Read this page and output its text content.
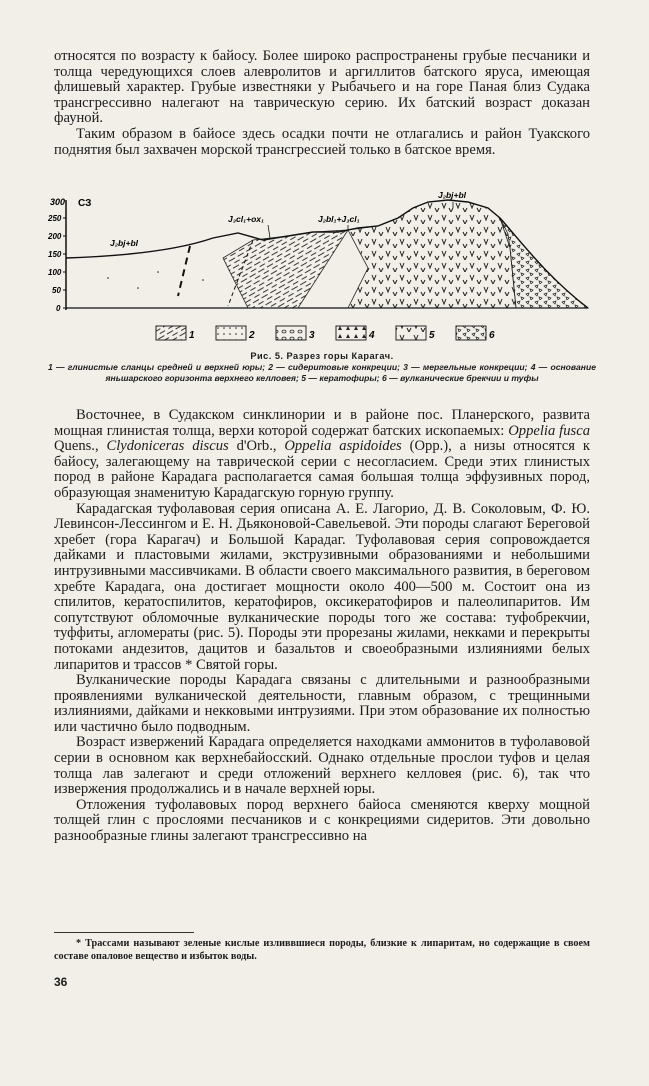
относятся по возрасту к байосу. Более широко распространены грубые песчаники и толща чередующихся слоев алевролитов и аргиллитов батского яруса, имеющая флишевый характер. Грубые известняки у Рыбачьего и на горе Паная близ Судака трансгрессивно налегают на таврическую серию. Их батский возраст доказан фауной.

Таким образом в байосе здесь осадки почти не отлагались и район Туакского поднятия был захвачен морской трансгрессией только в батское время.

300 СЗ
250
200
150
100
50
0
J₂bj+bl
J₃cl₁+ox₁	J₂bl₁+J₃cl₁
J₂bj+bl
1	2	3	4	5	6
Рис. 5. Разрез горы Карагач.
1 — глинистые сланцы средней и верхней юры; 2 — сидеритовые конкреции; 3 — мергельные конкреции; 4 — основание яньшарского горизонта верхнего келловея; 5 — кератофиры; 6 — вулканические брекчии и туфы

Восточнее, в Судакском синклинории и в районе пос. Планерского, развита мощная глинистая толща, верхи которой содержат батских ископаемых: Oppelia fusca Quens., Clydoniceras discus d'Orb., Oppelia aspidoides (Opp.), а низы относятся к байосу, залегающему на таврической серии с несогласием. Среди этих глинистых пород в районе Карадага располагается самая большая толща эффузивных пород, образующая знаменитую Карадагскую горную группу.

Карадагская туфолавовая серия описана А. Е. Лагорио, Д. В. Соколовым, Ф. Ю. Левинсон-Лессингом и Е. Н. Дьяконовой-Савельевой. Эти породы слагают Береговой хребет (гора Карагач) и Большой Карадаг. Туфолавовая серия сопровождается дайками и пластовыми жилами, экструзивными образованиями и небольшими интрузивными массивчиками. В области своего максимального развития, в береговом хребте Карадага, она достигает мощности около 400—500 м. Состоит она из спилитов, кератоспилитов, кератофиров, оксикератофиров и палеолипаритов. Им сопутствуют обломочные вулканические породы того же состава: туфобрекчии, туффиты, агломераты (рис. 5). Породы эти прорезаны жилами, некками и перекрыты потоками андезитов, дацитов и базальтов и своеобразными излияниями белых липаритов и трассов * Святой горы.

Вулканические породы Карадага связаны с длительными и разнообразными проявлениями вулканической деятельности, главным образом, с трещинными излияниями, дайками и некковыми интрузиями. При этом образование их полностью или частично было подводным.

Возраст извержений Карадага определяется находками аммонитов в туфолавовой серии в основном как верхнебайосский. Однако отдельные прослои туфов и целая толща лав залегают и среди отложений верхнего келловея (рис. 6), так что извержения продолжались и в начале верхней юры.

Отложения туфолавовых пород верхнего байоса сменяются кверху мощной толщей глин с прослоями песчаников и с конкрециями сидеритов. Эти довольно разнообразные глины залегают трансгрессивно на

* Трассами называют зеленые кислые изливвшиеся породы, близкие к липаритам, но содержащие в своем составе опаловое вещество и избыток воды.
36
